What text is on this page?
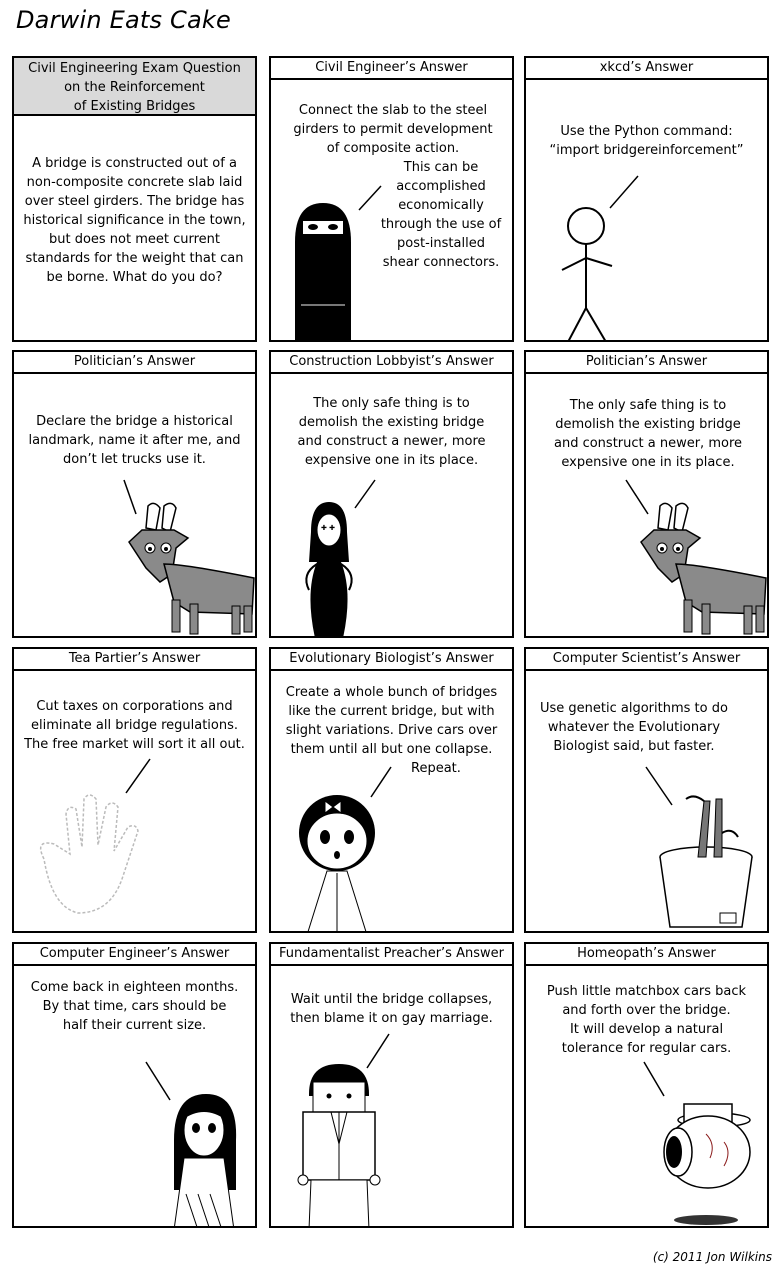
Darwin Eats Cake
Civil Engineering Exam Question
on the Reinforcement
of Existing Bridges
A bridge is constructed out of a
non-composite concrete slab laid
over steel girders. The bridge has
historical significance in the town,
but does not meet current
standards for the weight that can
be borne. What do you do?
Civil Engineer’s Answer
Connect the slab to the steel
girders to permit development
of composite action.
This can be
accomplished
economically
through the use of
post-installed
shear connectors.
xkcd’s Answer
Use the Python command:
“import bridgereinforcement”
Politician’s Answer
Declare the bridge a historical
landmark, name it after me, and
don’t let trucks use it.
Construction Lobbyist’s Answer
The only safe thing is to
demolish the existing bridge
and construct a newer, more
expensive one in its place.
✚ ✚
Politician’s Answer
The only safe thing is to
demolish the existing bridge
and construct a newer, more
expensive one in its place.
Tea Partier’s Answer
Cut taxes on corporations and
eliminate all bridge regulations.
The free market will sort it all out.
Evolutionary Biologist’s Answer
Create a whole bunch of bridges
like the current bridge, but with
slight variations. Drive cars over
them until all but one collapse.
Repeat.
Computer Scientist’s Answer
Use genetic algorithms to do
whatever the Evolutionary
Biologist said, but faster.
Computer Engineer’s Answer
Come back in eighteen months.
By that time, cars should be
half their current size.
Fundamentalist Preacher’s Answer
Wait until the bridge collapses,
then blame it on gay marriage.
Homeopath’s Answer
Push little matchbox cars back
and forth over the bridge.
It will develop a natural
tolerance for regular cars.
(c) 2011 Jon Wilkins
